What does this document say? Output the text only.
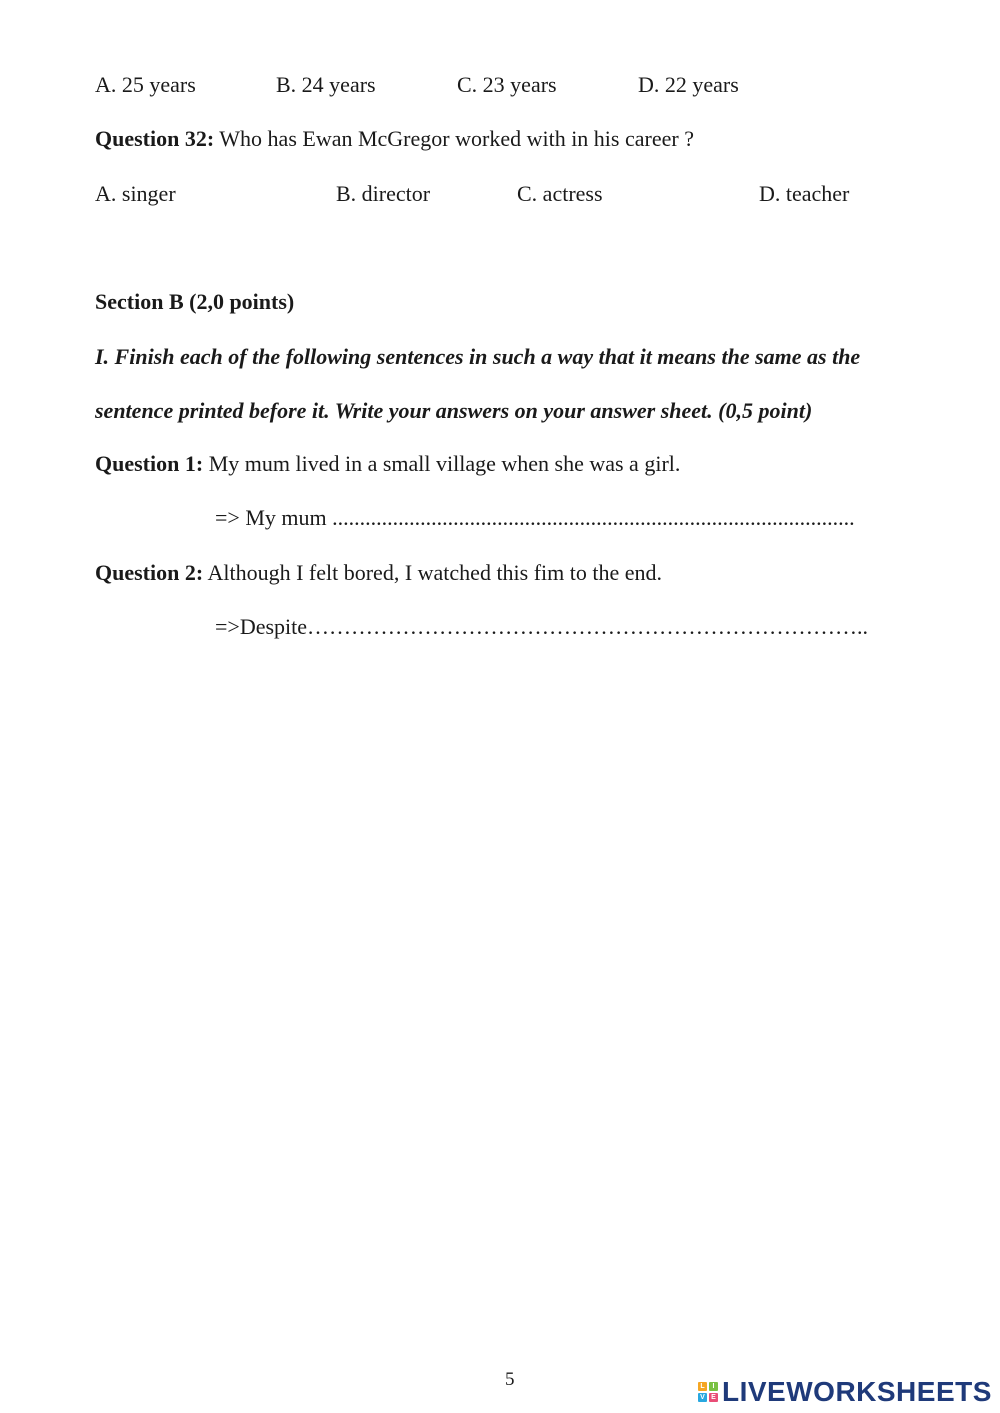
A. 25 years	B. 24 years	C. 23 years	D. 22 years
Question 32: Who has Ewan McGregor worked with in his career ?
A. singer	B. director	C. actress	D. teacher
Section B (2,0 points)
I. Finish each of the following sentences in such a way that it means the same as the
sentence printed before it. Write your answers on your answer sheet. (0,5 point)
Question 1: My mum lived in a small village when she was a girl.
=> My mum ...............................................................................................
Question 2: Although I felt bored, I watched this fim to the end.
=>Despite…………………………………………………………………..
5	L	I
V E LIVEWORKSHEETS
